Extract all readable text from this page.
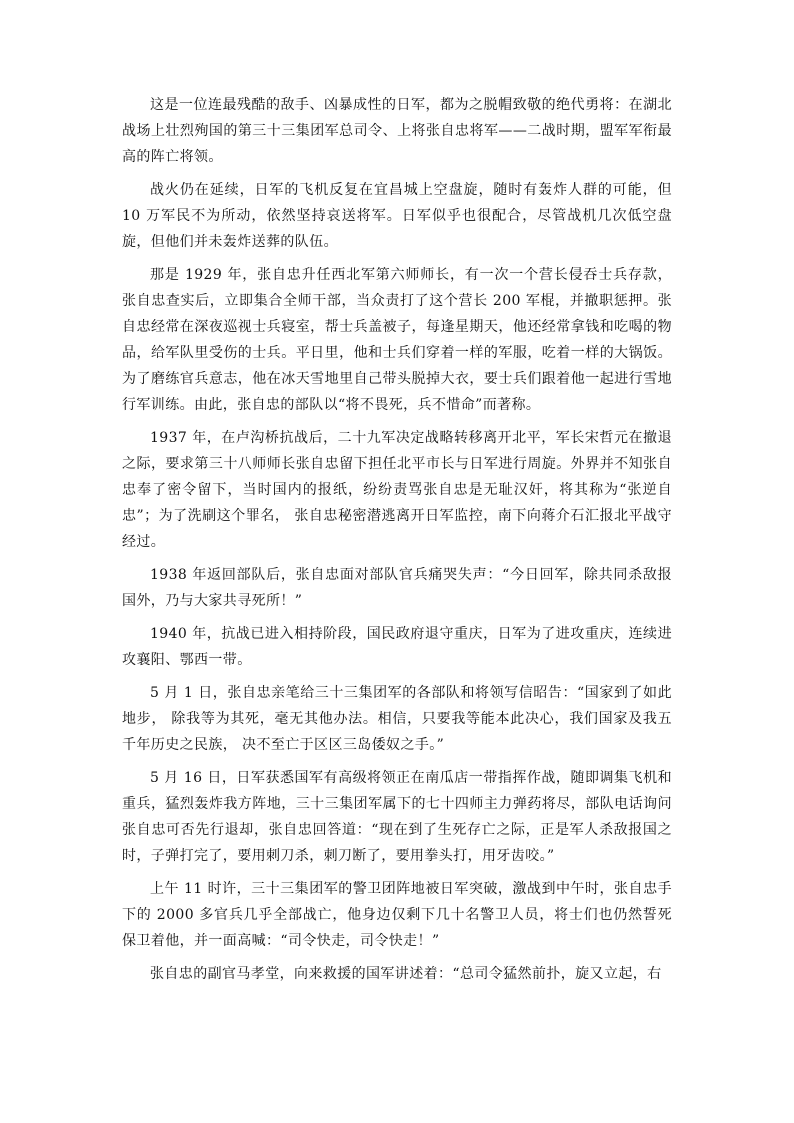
这是一位连最残酷的敌手、凶暴成性的日军，都为之脱帽致敬的绝代勇将：在湖北战场上壮烈殉国的第三十三集团军总司令、上将张自忠将军——二战时期，盟军军衔最高的阵亡将领。

战火仍在延续，日军的飞机反复在宜昌城上空盘旋，随时有轰炸人群的可能，但 10 万军民不为所动，依然坚持哀送将军。日军似乎也很配合，尽管战机几次低空盘旋，但他们并未轰炸送葬的队伍。

那是 1929 年，张自忠升任西北军第六师师长，有一次一个营长侵吞士兵存款，张自忠查实后，立即集合全师干部，当众责打了这个营长 200 军棍，并撤职惩押。张自忠经常在深夜巡视士兵寝室，帮士兵盖被子，每逢星期天，他还经常拿钱和吃喝的物品，给军队里受伤的士兵。平日里，他和士兵们穿着一样的军服，吃着一样的大锅饭。为了磨练官兵意志，他在冰天雪地里自己带头脱掉大衣，要士兵们跟着他一起进行雪地行军训练。由此，张自忠的部队以“将不畏死，兵不惜命”而著称。

1937 年，在卢沟桥抗战后，二十九军决定战略转移离开北平，军长宋哲元在撤退之际，要求第三十八师师长张自忠留下担任北平市长与日军进行周旋。外界并不知张自忠奉了密令留下，当时国内的报纸，纷纷责骂张自忠是无耻汉奸，将其称为“张逆自忠”；为了洗刷这个罪名， 张自忠秘密潜逃离开日军监控，南下向蒋介石汇报北平战守经过。

1938 年返回部队后，张自忠面对部队官兵痛哭失声：“今日回军，除共同杀敌报国外，乃与大家共寻死所！”

1940 年，抗战已进入相持阶段，国民政府退守重庆，日军为了进攻重庆，连续进攻襄阳、鄂西一带。

5 月 1 日，张自忠亲笔给三十三集团军的各部队和将领写信昭告：“国家到了如此地步， 除我等为其死，毫无其他办法。相信，只要我等能本此决心，我们国家及我五千年历史之民族， 决不至亡于区区三岛倭奴之手。”

5 月 16 日，日军获悉国军有高级将领正在南瓜店一带指挥作战，随即调集飞机和重兵，猛烈轰炸我方阵地，三十三集团军属下的七十四师主力弹药将尽，部队电话询问张自忠可否先行退却，张自忠回答道：“现在到了生死存亡之际，正是军人杀敌报国之时，子弹打完了，要用刺刀杀，刺刀断了，要用拳头打，用牙齿咬。”

上午 11 时许，三十三集团军的警卫团阵地被日军突破，激战到中午时，张自忠手下的 2000 多官兵几乎全部战亡，他身边仅剩下几十名警卫人员，将士们也仍然誓死保卫着他，并一面高喊：“司令快走，司令快走！”

张自忠的副官马孝堂，向来救援的国军讲述着：“总司令猛然前扑，旋又立起，右
